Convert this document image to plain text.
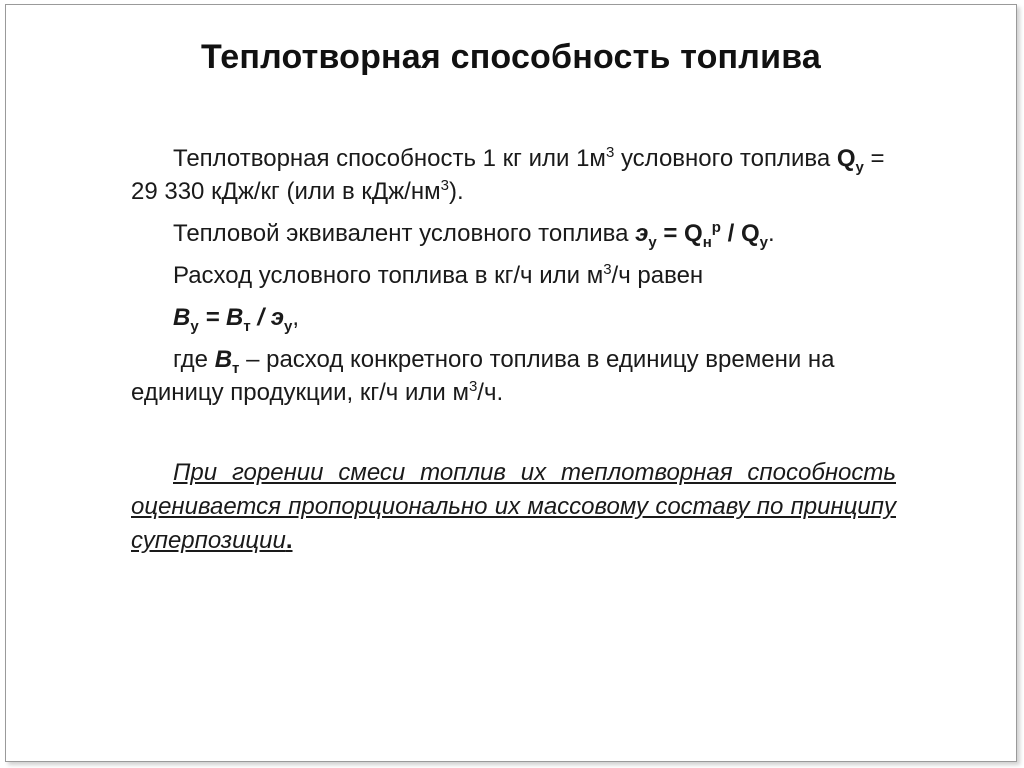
Теплотворная способность топлива

Теплотворная способность 1 кг или $1м^3$ условного топлива $Q_у = 29$ 330 кДж/кг (или в кДж/$нм^3$).

Тепловой эквивалент условного топлива $э_у = Q_н^р / Q_у$.

Расход условного топлива в кг/ч или $м^3/ч$ равен

$В_у = В_т / э_у$,

где $В_т$ – расход конкретного топлива в единицу времени на единицу продукции, кг/ч или $м^3/ч$.

При горении смеси топлив их теплотворная способность оценивается пропорционально их массовому составу по принципу суперпозиции.
